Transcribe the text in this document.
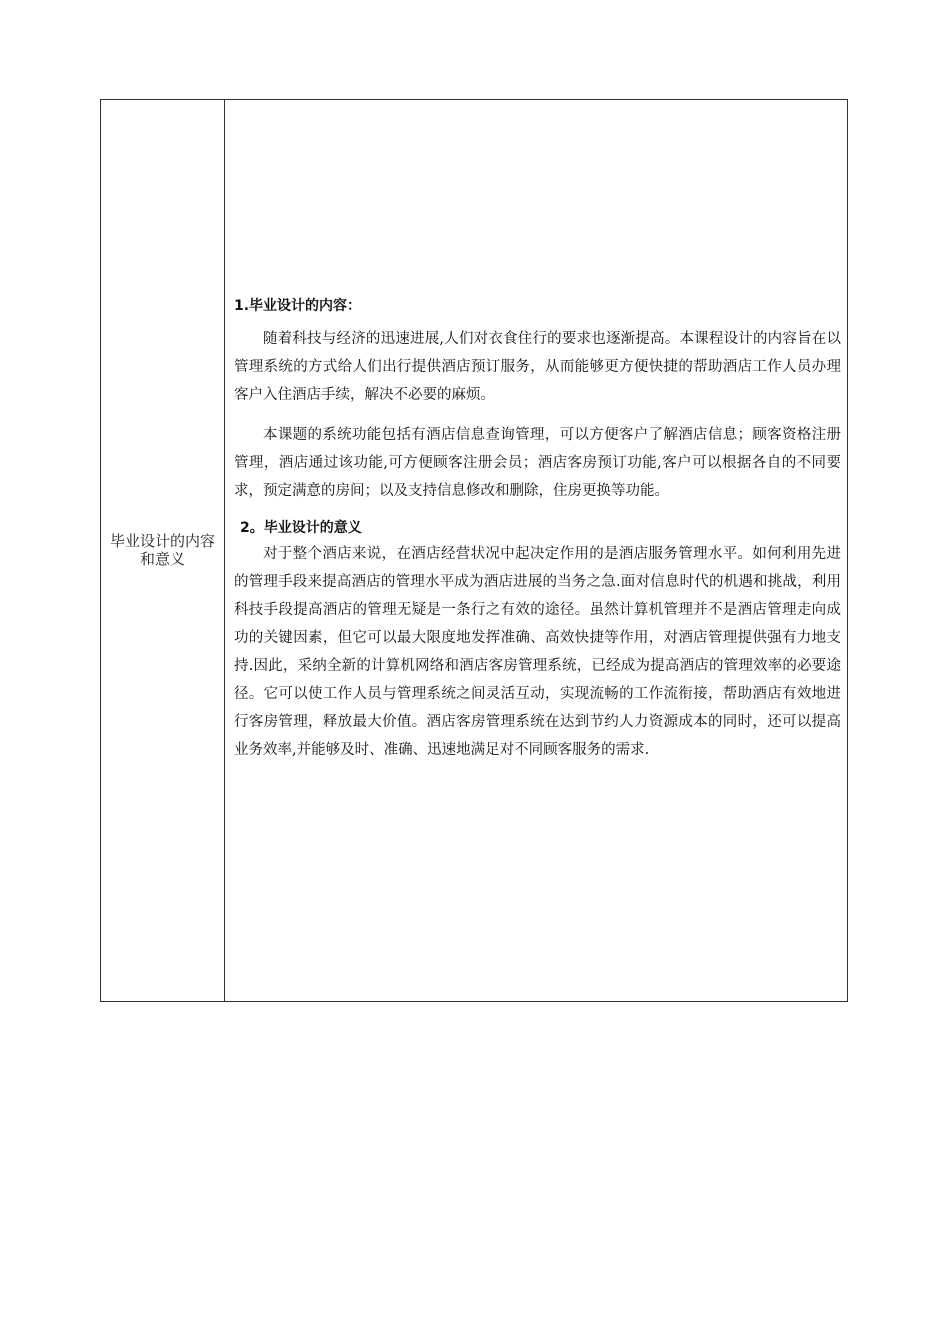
毕业设计的内容和意义

1.毕业设计的内容：

随着科技与经济的迅速进展,人们对衣食住行的要求也逐渐提高。本课程设计的内容旨在以管理系统的方式给人们出行提供酒店预订服务，从而能够更方便快捷的帮助酒店工作人员办理客户入住酒店手续，解决不必要的麻烦。

本课题的系统功能包括有酒店信息查询管理，可以方便客户了解酒店信息；顾客资格注册管理，酒店通过该功能,可方便顾客注册会员；酒店客房预订功能,客户可以根据各自的不同要求，预定满意的房间；以及支持信息修改和删除，住房更换等功能。

2。毕业设计的意义

对于整个酒店来说，在酒店经营状况中起决定作用的是酒店服务管理水平。如何利用先进的管理手段来提高酒店的管理水平成为酒店进展的当务之急.面对信息时代的机遇和挑战，利用科技手段提高酒店的管理无疑是一条行之有效的途径。虽然计算机管理并不是酒店管理走向成功的关键因素，但它可以最大限度地发挥准确、高效快捷等作用，对酒店管理提供强有力地支持.因此，采纳全新的计算机网络和酒店客房管理系统，已经成为提高酒店的管理效率的必要途径。它可以使工作人员与管理系统之间灵活互动，实现流畅的工作流衔接，帮助酒店有效地进行客房管理，释放最大价值。酒店客房管理系统在达到节约人力资源成本的同时，还可以提高业务效率,并能够及时、准确、迅速地满足对不同顾客服务的需求.
